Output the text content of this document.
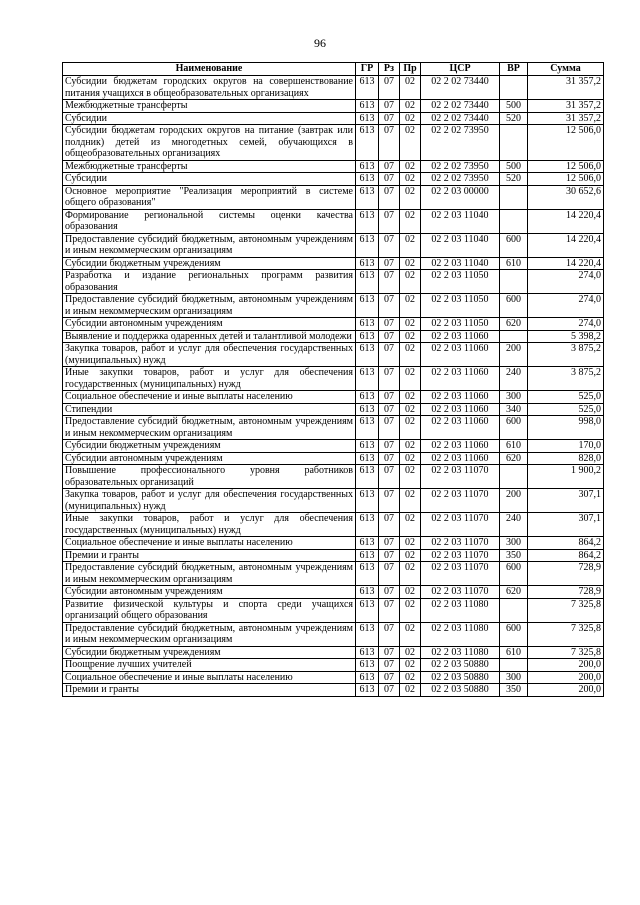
96
Наименование	ГР	Рз	Пр	ЦСР	ВР	Сумма
Субсидии бюджетам городских округов на совершенствование питания учащихся в общеобразовательных организациях	613	07	02	02 2 02 73440		31 357,2
Межбюджетные трансферты	613	07	02	02 2 02 73440	500	31 357,2
Субсидии	613	07	02	02 2 02 73440	520	31 357,2
Субсидии бюджетам городских округов на питание (завтрак или полдник) детей из многодетных семей, обучающихся в общеобразовательных организациях	613	07	02	02 2 02 73950		12 506,0
Межбюджетные трансферты	613	07	02	02 2 02 73950	500	12 506,0
Субсидии	613	07	02	02 2 02 73950	520	12 506,0
Основное мероприятие "Реализация мероприятий в системе общего образования"	613	07	02	02 2 03 00000		30 652,6
Формирование региональной системы оценки качества образования	613	07	02	02 2 03 11040		14 220,4
Предоставление субсидий бюджетным, автономным учреждениям и иным некоммерческим организациям	613	07	02	02 2 03 11040	600	14 220,4
Субсидии бюджетным учреждениям	613	07	02	02 2 03 11040	610	14 220,4
Разработка и издание региональных программ развития образования	613	07	02	02 2 03 11050		274,0
Предоставление субсидий бюджетным, автономным учреждениям и иным некоммерческим организациям	613	07	02	02 2 03 11050	600	274,0
Субсидии автономным учреждениям	613	07	02	02 2 03 11050	620	274,0
Выявление и поддержка одаренных детей и талантливой молодежи	613	07	02	02 2 03 11060		5 398,2
Закупка товаров, работ и услуг для обеспечения государственных (муниципальных) нужд	613	07	02	02 2 03 11060	200	3 875,2
Иные закупки товаров, работ и услуг для обеспечения государственных (муниципальных) нужд	613	07	02	02 2 03 11060	240	3 875,2
Социальное обеспечение и иные выплаты населению	613	07	02	02 2 03 11060	300	525,0
Стипендии	613	07	02	02 2 03 11060	340	525,0
Предоставление субсидий бюджетным, автономным учреждениям и иным некоммерческим организациям	613	07	02	02 2 03 11060	600	998,0
Субсидии бюджетным учреждениям	613	07	02	02 2 03 11060	610	170,0
Субсидии автономным учреждениям	613	07	02	02 2 03 11060	620	828,0
Повышение профессионального уровня работников образовательных организаций	613	07	02	02 2 03 11070		1 900,2
Закупка товаров, работ и услуг для обеспечения государственных (муниципальных) нужд	613	07	02	02 2 03 11070	200	307,1
Иные закупки товаров, работ и услуг для обеспечения государственных (муниципальных) нужд	613	07	02	02 2 03 11070	240	307,1
Социальное обеспечение и иные выплаты населению	613	07	02	02 2 03 11070	300	864,2
Премии и гранты	613	07	02	02 2 03 11070	350	864,2
Предоставление субсидий бюджетным, автономным учреждениям и иным некоммерческим организациям	613	07	02	02 2 03 11070	600	728,9
Субсидии автономным учреждениям	613	07	02	02 2 03 11070	620	728,9
Развитие физической культуры и спорта среди учащихся организаций общего образования	613	07	02	02 2 03 11080		7 325,8
Предоставление субсидий бюджетным, автономным учреждениям и иным некоммерческим организациям	613	07	02	02 2 03 11080	600	7 325,8
Субсидии бюджетным учреждениям	613	07	02	02 2 03 11080	610	7 325,8
Поощрение лучших учителей	613	07	02	02 2 03 50880		200,0
Социальное обеспечение и иные выплаты населению	613	07	02	02 2 03 50880	300	200,0
Премии и гранты	613	07	02	02 2 03 50880	350	200,0
